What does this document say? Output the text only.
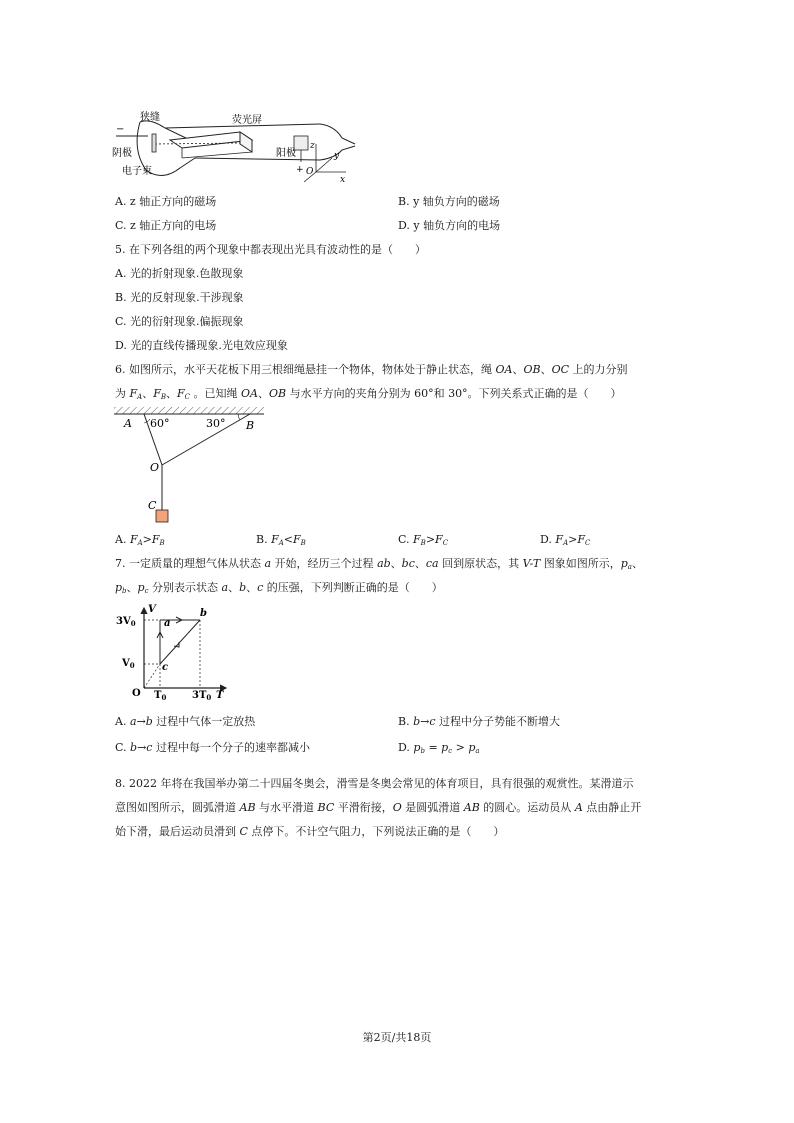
−
+
狭缝	荧光屏
阴极
电子束
阳极
x
y
z
O
A. z 轴正方向的磁场	B. y 轴负方向的磁场
C. z 轴正方向的电场	D. y 轴负方向的电场
5. 在下列各组的两个现象中都表现出光具有波动性的是（　　）
A. 光的折射现象.色散现象
B. 光的反射现象.干涉现象
C. 光的衍射现象.偏振现象
D. 光的直线传播现象.光电效应现象
6. 如图所示，水平天花板下用三根细绳悬挂一个物体，物体处于静止状态，绳 OA、OB、OC 上的力分别
为 $F_A$、$F_B$、$F_C$ 。已知绳 OA、OB 与水平方向的夹角分别为 60°和 30°。下列关系式正确的是（　　）
A 60°	30° B
O
C
A. $F_A>F_B$	B. $F_A<F_B$	C. $F_B>F_C$	D. $F_A>F_C$
7. 一定质量的理想气体从状态 a 开始，经历三个过程 ab、bc、ca 回到原状态，其 V-T 图象如图所示，$p_a$、
$p_b$、$p_c$ 分别表示状态 a、b、c 的压强，下列判断正确的是（　　）
V
T
O
$3V_0$
$V_0$
$T_0$	$3T_0$
a
b
c
A. a→b 过程中气体一定放热	B. b→c 过程中分子势能不断增大
C. b→c 过程中每一个分子的速率都减小	D. $p_b = p_c > p_a$
8. 2022 年将在我国举办第二十四届冬奥会，滑雪是冬奥会常见的体育项目，具有很强的观赏性。某滑道示
意图如图所示，圆弧滑道 AB 与水平滑道 BC 平滑衔接，O 是圆弧滑道 AB 的圆心。运动员从 A 点由静止开
始下滑，最后运动员滑到 C 点停下。不计空气阻力，下列说法正确的是（　　）
第2页/共18页
